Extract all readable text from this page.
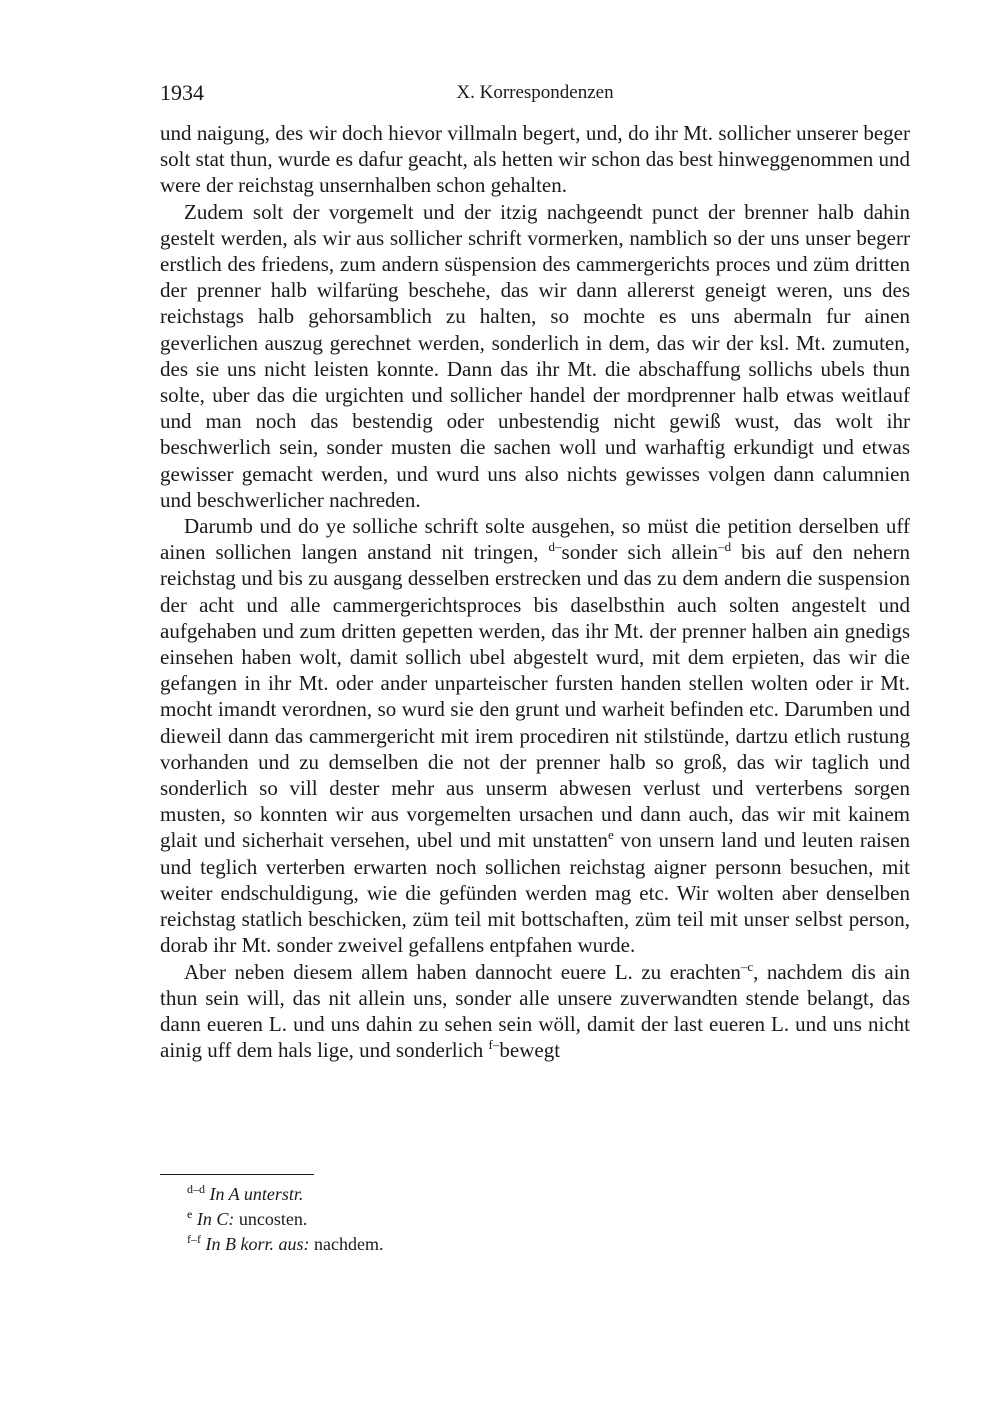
1934	X. Korrespondenzen

und naigung, des wir doch hievor villmaln begert, und, do ihr Mt. sollicher unserer beger solt stat thun, wurde es dafur geacht, als hetten wir schon das best hinweggenommen und were der reichstag unsernhalben schon gehalten.

Zudem solt der vorgemelt und der itzig nachgeendt punct der brenner halb dahin gestelt werden, als wir aus sollicher schrift vormerken, namblich so der uns unser begerr erstlich des friedens, zum andern süspension des cammergerichts proces und züm dritten der prenner halb wilfarüng beschehe, das wir dann allererst geneigt weren, uns des reichstags halb gehorsamblich zu halten, so mochte es uns abermaln fur ainen geverlichen auszug gerechnet werden, sonderlich in dem, das wir der ksl. Mt. zumuten, des sie uns nicht leisten konnte. Dann das ihr Mt. die abschaffung sollichs ubels thun solte, uber das die urgichten und sollicher handel der mordprenner halb etwas weitlauf und man noch das bestendig oder unbestendig nicht gewiß wust, das wolt ihr beschwerlich sein, sonder musten die sachen woll und warhaftig erkundigt und etwas gewisser gemacht werden, und wurd uns also nichts gewisses volgen dann calumnien und beschwerlicher nachreden.

Darumb und do ye solliche schrift solte ausgehen, so müst die petition derselben uff ainen sollichen langen anstand nit tringen, $^{d-}$sonder sich allein$^{-d}$ bis auf den nehern reichstag und bis zu ausgang desselben erstrecken und das zu dem andern die suspension der acht und alle cammergerichtsproces bis daselbsthin auch solten angestelt und aufgehaben und zum dritten gepetten werden, das ihr Mt. der prenner halben ain gnedigs einsehen haben wolt, damit sollich ubel abgestelt wurd, mit dem erpieten, das wir die gefangen in ihr Mt. oder ander unparteischer fursten handen stellen wolten oder ir Mt. mocht imandt verordnen, so wurd sie den grunt und warheit befinden etc. Darumben und dieweil dann das cammergericht mit irem procediren nit stilstünde, dartzu etlich rustung vorhanden und zu demselben die not der prenner halb so groß, das wir taglich und sonderlich so vill dester mehr aus unserm abwesen verlust und verterbens sorgen musten, so konnten wir aus vorgemelten ursachen und dann auch, das wir mit kainem glait und sicherhait versehen, ubel und mit unstatten$^e$ von unsern land und leuten raisen und teglich verterben erwarten noch sollichen reichstag aigner personn besuchen, mit weiter endschuldigung, wie die gefünden werden mag etc. Wir wolten aber denselben reichstag statlich beschicken, züm teil mit bottschaften, züm teil mit unser selbst person, dorab ihr Mt. sonder zweivel gefallens entpfahen wurde.

Aber neben diesem allem haben dannocht euere L. zu erachten$^{-c}$, nachdem dis ain thun sein will, das nit allein uns, sonder alle unsere zuverwandten stende belangt, das dann eueren L. und uns dahin zu sehen sein wöll, damit der last eueren L. und uns nicht ainig uff dem hals lige, und sonderlich $^{f-}$bewegt

$^{d-d}$ In A unterstr.
$^e$ In C: uncosten.
$^{f-f}$ In B korr. aus: nachdem.
